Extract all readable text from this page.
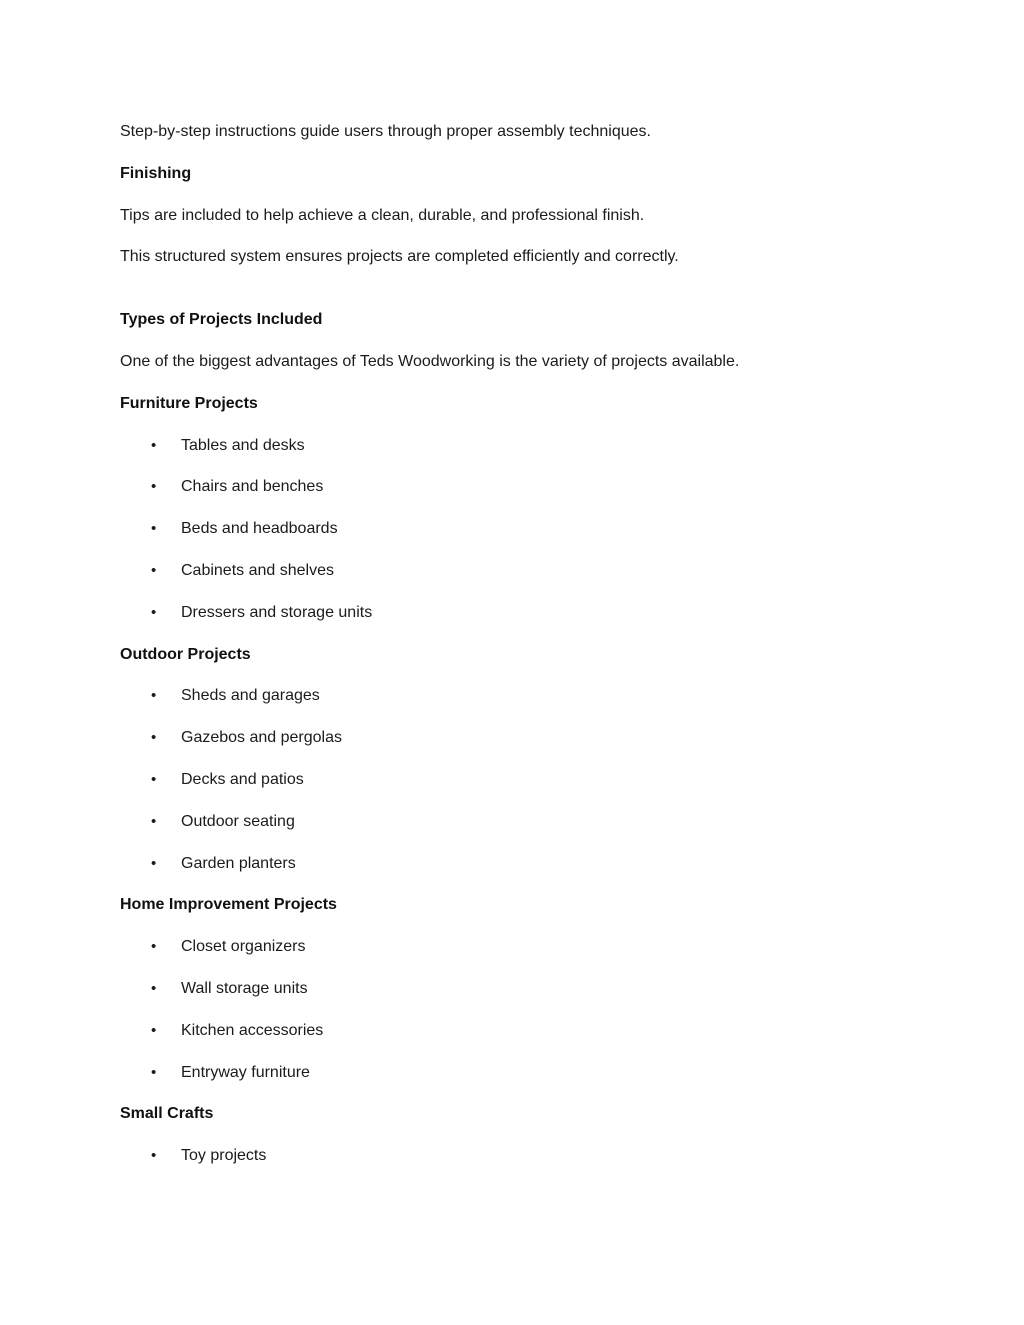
Step-by-step instructions guide users through proper assembly techniques.

Finishing

Tips are included to help achieve a clean, durable, and professional finish.

This structured system ensures projects are completed efficiently and correctly.

Types of Projects Included

One of the biggest advantages of Teds Woodworking is the variety of projects available.

Furniture Projects

• Tables and desks
• Chairs and benches
• Beds and headboards
• Cabinets and shelves
• Dressers and storage units

Outdoor Projects

• Sheds and garages
• Gazebos and pergolas
• Decks and patios
• Outdoor seating
• Garden planters

Home Improvement Projects

• Closet organizers
• Wall storage units
• Kitchen accessories
• Entryway furniture

Small Crafts

• Toy projects
